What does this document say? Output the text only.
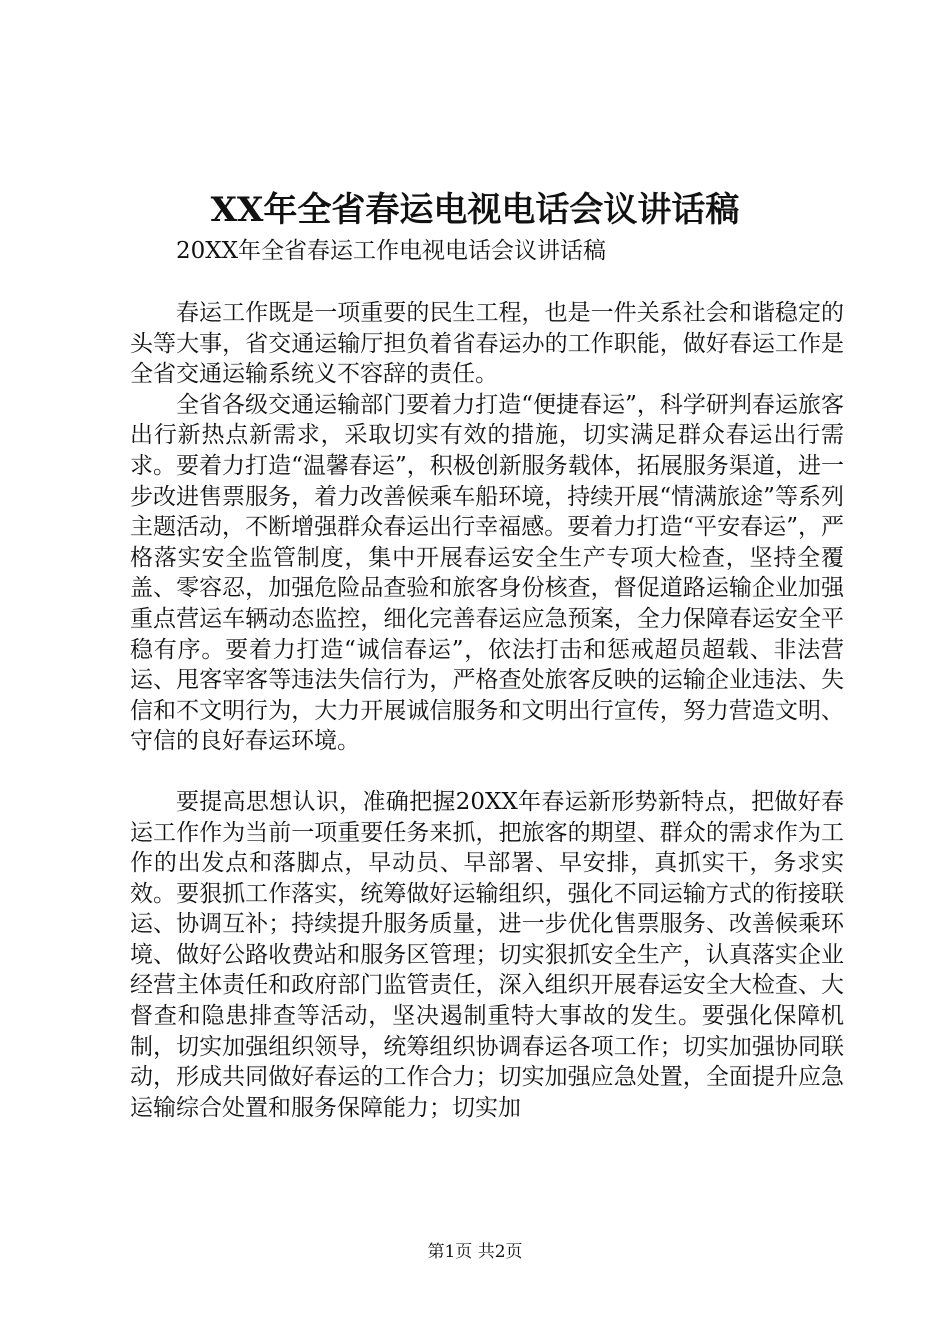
XX年全省春运电视电话会议讲话稿
20XX年全省春运工作电视电话会议讲话稿

春运工作既是一项重要的民生工程，也是一件关系社会和谐稳定的头等大事，省交通运输厅担负着省春运办的工作职能，做好春运工作是全省交通运输系统义不容辞的责任。

全省各级交通运输部门要着力打造“便捷春运”，科学研判春运旅客出行新热点新需求，采取切实有效的措施，切实满足群众春运出行需求。要着力打造“温馨春运”，积极创新服务载体，拓展服务渠道，进一步改进售票服务，着力改善候乘车船环境，持续开展“情满旅途”等系列主题活动，不断增强群众春运出行幸福感。要着力打造“平安春运”，严格落实安全监管制度，集中开展春运安全生产专项大检查，坚持全覆盖、零容忍，加强危险品查验和旅客身份核查，督促道路运输企业加强重点营运车辆动态监控，细化完善春运应急预案，全力保障春运安全平稳有序。要着力打造“诚信春运”，依法打击和惩戒超员超载、非法营运、甩客宰客等违法失信行为，严格查处旅客反映的运输企业违法、失信和不文明行为，大力开展诚信服务和文明出行宣传，努力营造文明、守信的良好春运环境。

要提高思想认识，准确把握20XX年春运新形势新特点，把做好春运工作作为当前一项重要任务来抓，把旅客的期望、群众的需求作为工作的出发点和落脚点，早动员、早部署、早安排，真抓实干，务求实效。要狠抓工作落实，统筹做好运输组织，强化不同运输方式的衔接联运、协调互补；持续提升服务质量，进一步优化售票服务、改善候乘环境、做好公路收费站和服务区管理；切实狠抓安全生产，认真落实企业经营主体责任和政府部门监管责任，深入组织开展春运安全大检查、大督查和隐患排查等活动，坚决遏制重特大事故的发生。要强化保障机制，切实加强组织领导，统筹组织协调春运各项工作；切实加强协同联动，形成共同做好春运的工作合力；切实加强应急处置，全面提升应急运输综合处置和服务保障能力；切实加

第1页 共2页
